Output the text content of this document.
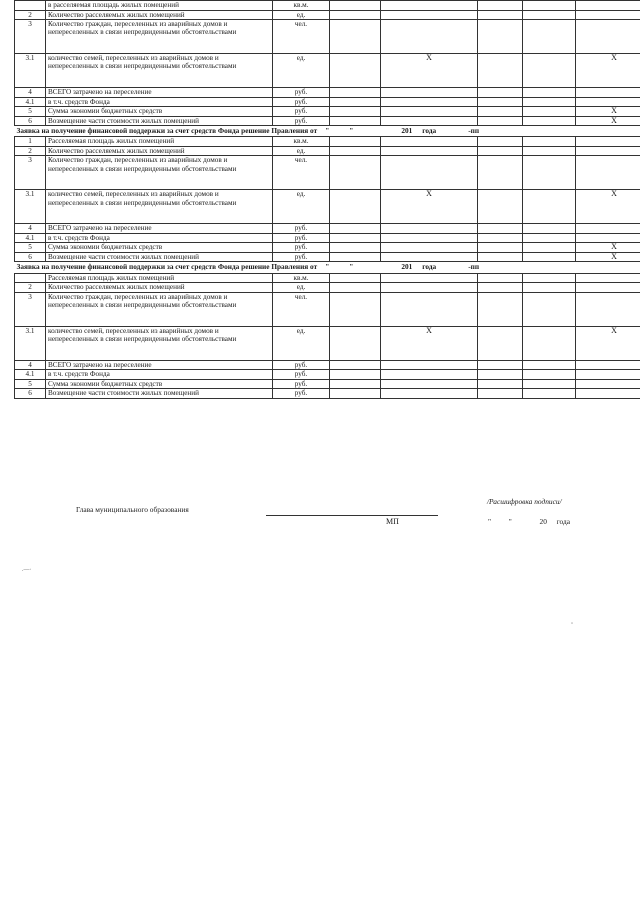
	в расселяемая площадь жилых помещений	кв.м.					
2	Количество расселяемых жилых помещений	ед.					
3	Количество граждан, переселенных из аварийных домов и непереселенных в связи непредвиденными обстоятельствами	чел.					
3.1	количество семей, переселенных из аварийных домов и непереселенных в связи непредвиденными обстоятельствами	ед.		X			X
4	ВСЕГО затрачено на переселение	руб.					
4.1	в т.ч. средств Фонда	руб.					
5	Сумма экономии бюджетных средств	руб.					X
6	Возмещение части стоимости жилых помещений	руб.					X
Заявка на получение финансовой поддержки за счет средств Фонда решение Правления от " " 201 года -пп							
1	Расселяемая площадь жилых помещений	кв.м.					
2	Количество расселяемых жилых помещений	ед.					
3	Количество граждан, переселенных из аварийных домов и непереселенных в связи непредвиденными обстоятельствами	чел.					
3.1	количество семей, переселенных из аварийных домов и непереселенных в связи непредвиденными обстоятельствами	ед.		X			X
4	ВСЕГО затрачено на переселение	руб.					
4.1	в т.ч. средств Фонда	руб.					
5	Сумма экономии бюджетных средств	руб.					X
6	Возмещение части стоимости жилых помещений	руб.					X
Заявка на получение финансовой поддержки за счет средств Фонда решение Правления от " " 201 года -пп							
	Расселяемая площадь жилых помещений	кв.м.					
2	Количество расселяемых жилых помещений	ед.					
3	Количество граждан, переселенных из аварийных домов и непереселенных в связи непредвиденными обстоятельствами	чел.					
3.1	количество семей, переселенных из аварийных домов и непереселенных в связи непредвиденными обстоятельствами	ед.		X			X
4	ВСЕГО затрачено на переселение	руб.					
4.1	в т.ч. средств Фонда	руб.					
5	Сумма экономии бюджетных средств	руб.					
6	Возмещение части стоимости жилых помещений	руб.					
Глава муниципального образования
/Расшифровка подписи/
МП	" "	20 года
.—·
ˇ
